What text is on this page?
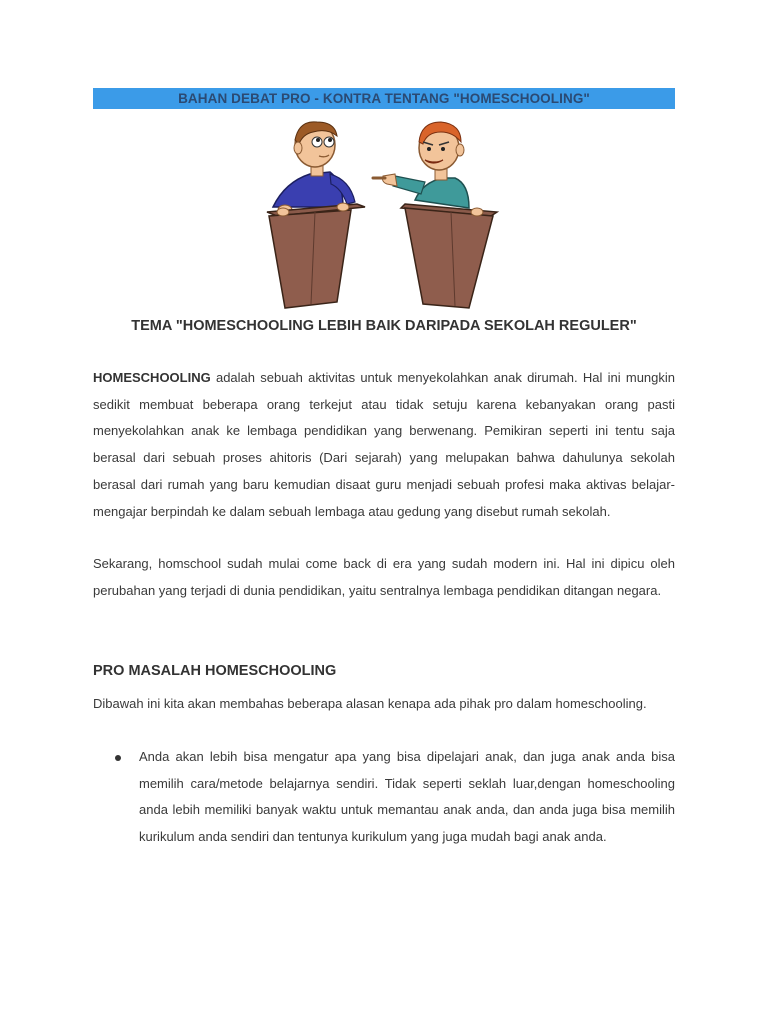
BAHAN DEBAT PRO - KONTRA TENTANG "HOMESCHOOLING"
TEMA "HOMESCHOOLING LEBIH BAIK DARIPADA SEKOLAH REGULER"

HOMESCHOOLING adalah sebuah aktivitas untuk menyekolahkan anak dirumah. Hal ini mungkin sedikit membuat beberapa orang terkejut atau tidak setuju karena kebanyakan orang pasti menyekolahkan anak ke lembaga pendidikan yang berwenang. Pemikiran seperti ini tentu saja berasal dari sebuah proses ahitoris (Dari sejarah) yang melupakan bahwa dahulunya sekolah berasal dari rumah yang baru kemudian disaat guru menjadi sebuah profesi maka aktivas belajar-mengajar berpindah ke dalam sebuah lembaga atau gedung yang disebut rumah sekolah.

Sekarang, homschool sudah mulai come back di era yang sudah modern ini. Hal ini dipicu oleh perubahan yang terjadi di dunia pendidikan, yaitu sentralnya lembaga pendidikan ditangan negara.

PRO MASALAH HOMESCHOOLING

Dibawah ini kita akan membahas beberapa alasan kenapa ada pihak pro dalam homeschooling.

Anda akan lebih bisa mengatur apa yang bisa dipelajari anak, dan juga anak anda bisa memilih cara/metode belajarnya sendiri. Tidak seperti seklah luar,dengan homeschooling anda lebih memiliki banyak waktu untuk memantau anak anda, dan anda juga bisa memilih kurikulum anda sendiri dan tentunya kurikulum yang juga mudah bagi anak anda.
